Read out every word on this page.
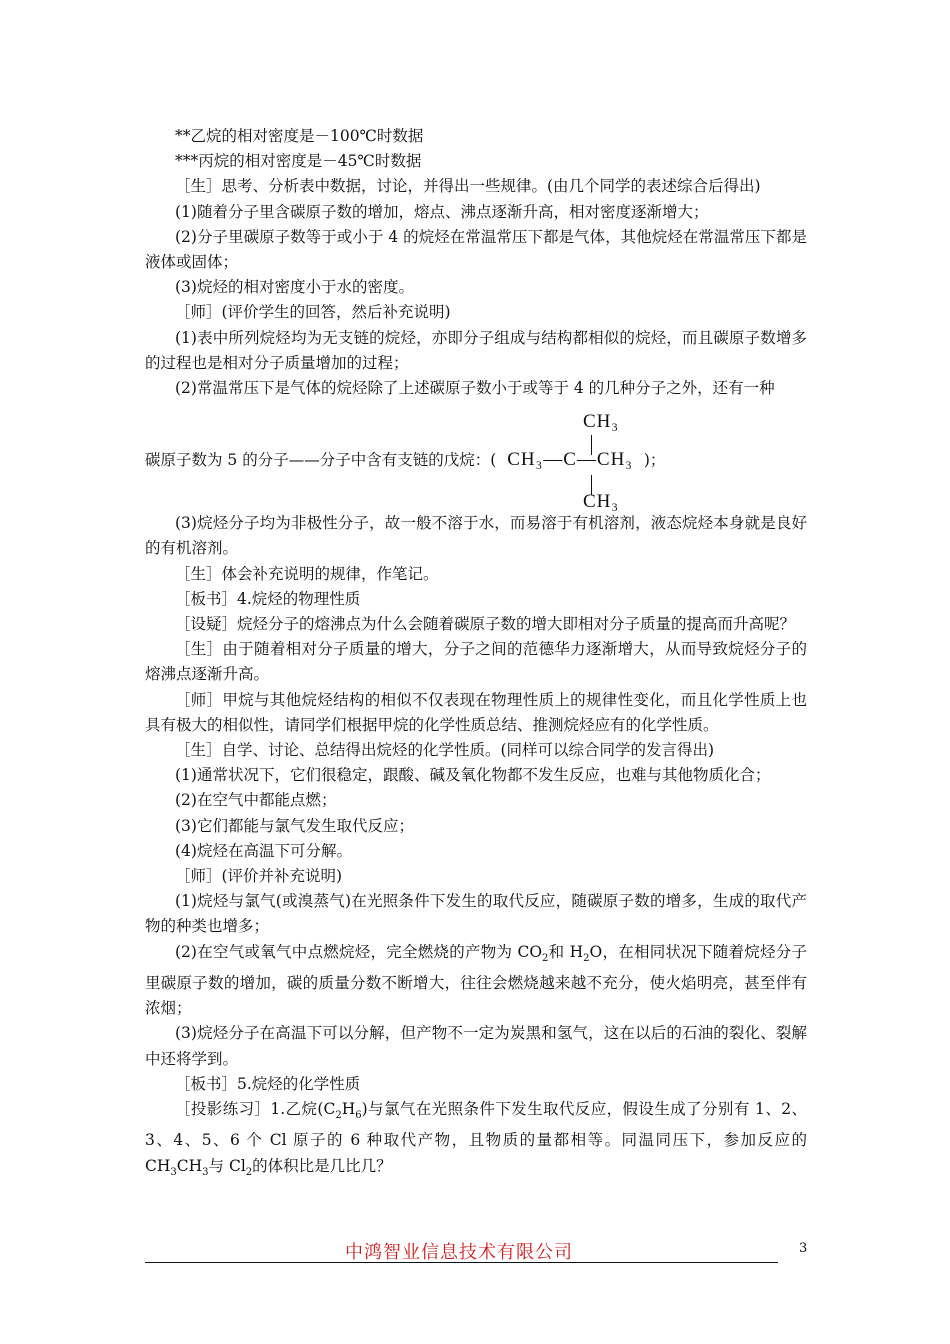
**乙烷的相对密度是－100℃时数据

***丙烷的相对密度是－45℃时数据

［生］思考、分析表中数据，讨论，并得出一些规律。(由几个同学的表述综合后得出)

(1)随着分子里含碳原子数的增加，熔点、沸点逐渐升高，相对密度逐渐增大；

(2)分子里碳原子数等于或小于 4 的烷烃在常温常压下都是气体，其他烷烃在常温常压下都是液体或固体；

(3)烷烃的相对密度小于水的密度。

［师］(评价学生的回答，然后补充说明)

(1)表中所列烷烃均为无支链的烷烃，亦即分子组成与结构都相似的烷烃，而且碳原子数增多的过程也是相对分子质量增加的过程；

(2)常温常压下是气体的烷烃除了上述碳原子数小于或等于 4 的几种分子之外，还有一种

CH₃
碳原子数为 5 的分子——分子中含有支链的戊烷：( CH₃—C—CH₃ )；
CH₃

(3)烷烃分子均为非极性分子，故一般不溶于水，而易溶于有机溶剂，液态烷烃本身就是良好的有机溶剂。

［生］体会补充说明的规律，作笔记。

［板书］4.烷烃的物理性质

［设疑］烷烃分子的熔沸点为什么会随着碳原子数的增大即相对分子质量的提高而升高呢？

［生］由于随着相对分子质量的增大，分子之间的范德华力逐渐增大，从而导致烷烃分子的熔沸点逐渐升高。

［师］甲烷与其他烷烃结构的相似不仅表现在物理性质上的规律性变化，而且化学性质上也具有极大的相似性，请同学们根据甲烷的化学性质总结、推测烷烃应有的化学性质。

［生］自学、讨论、总结得出烷烃的化学性质。(同样可以综合同学的发言得出)

(1)通常状况下，它们很稳定，跟酸、碱及氧化物都不发生反应，也难与其他物质化合；

(2)在空气中都能点燃；

(3)它们都能与氯气发生取代反应；

(4)烷烃在高温下可分解。

［师］(评价并补充说明)

(1)烷烃与氯气(或溴蒸气)在光照条件下发生的取代反应，随碳原子数的增多，生成的取代产物的种类也增多；

(2)在空气或氧气中点燃烷烃，完全燃烧的产物为 $CO_2$和 $H_2O$，在相同状况下随着烷烃分子里碳原子数的增加，碳的质量分数不断增大，往往会燃烧越来越不充分，使火焰明亮，甚至伴有浓烟；

(3)烷烃分子在高温下可以分解，但产物不一定为炭黑和氢气，这在以后的石油的裂化、裂解中还将学到。

［板书］5.烷烃的化学性质

［投影练习］1.乙烷$(C_2H_6)$与氯气在光照条件下发生取代反应，假设生成了分别有 1、2、3、4、5、6 个 Cl 原子的 6 种取代产物，且物质的量都相等。同温同压下，参加反应的 $CH_3CH_3$与 $Cl_2$的体积比是几比几？

中鸿智业信息技术有限公司	3
